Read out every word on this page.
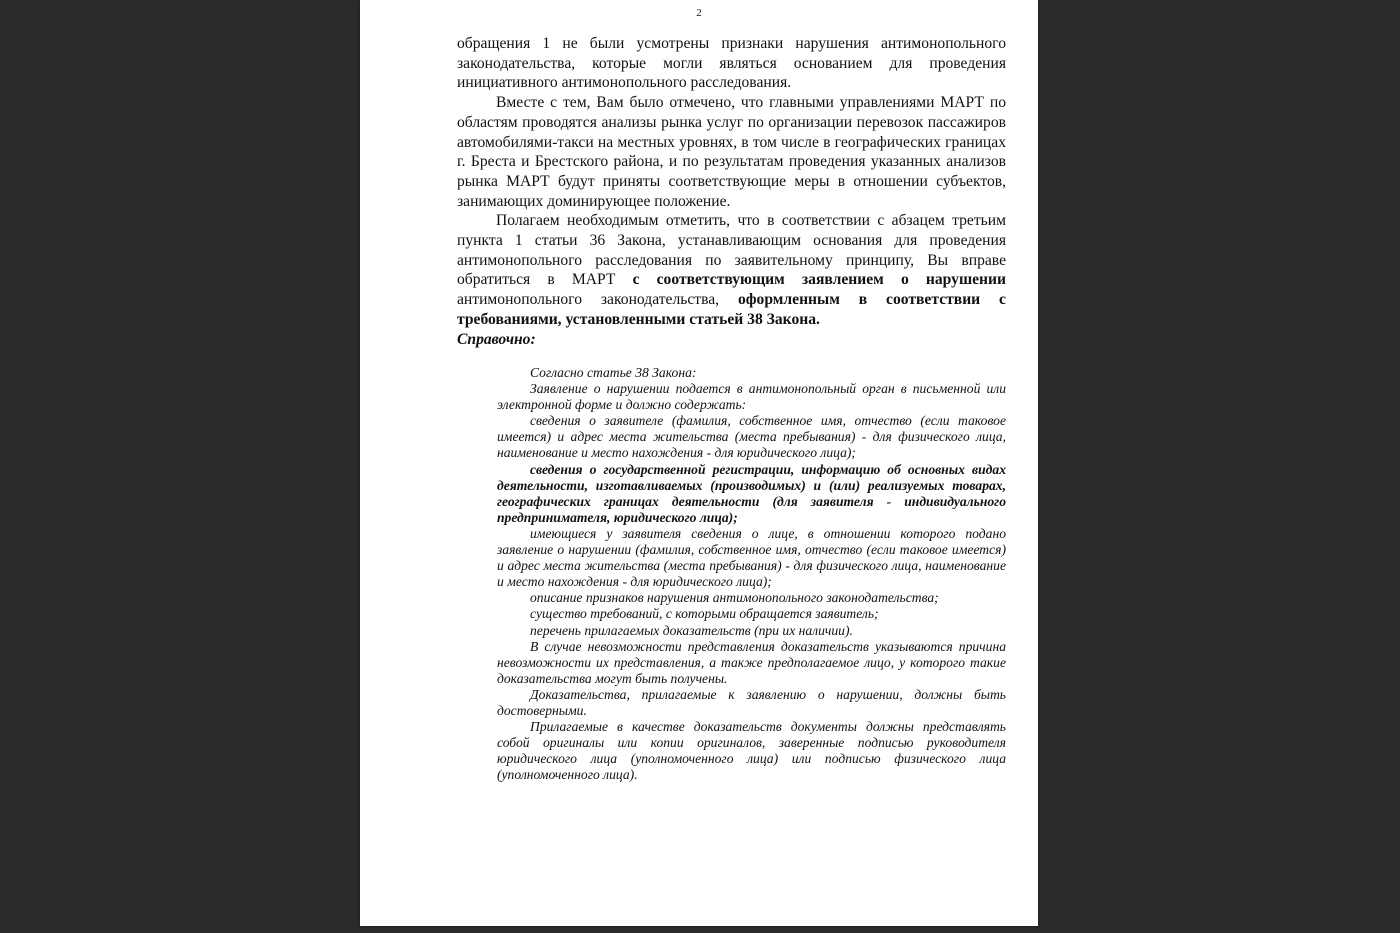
2

обращения 1 не были усмотрены признаки нарушения антимонопольного законодательства, которые могли являться основанием для проведения инициативного антимонопольного расследования.

Вместе с тем, Вам было отмечено, что главными управлениями МАРТ по областям проводятся анализы рынка услуг по организации перевозок пассажиров автомобилями-такси на местных уровнях, в том числе в географических границах г. Бреста и Брестского района, и по результатам проведения указанных анализов рынка МАРТ будут приняты соответствующие меры в отношении субъектов, занимающих доминирующее положение.

Полагаем необходимым отметить, что в соответствии с абзацем третьим пункта 1 статьи 36 Закона, устанавливающим основания для проведения антимонопольного расследования по заявительному принципу, Вы вправе обратиться в МАРТ с соответствующим заявлением о нарушении антимонопольного законодательства, оформленным в соответствии с требованиями, установленными статьей 38 Закона.

Справочно:

Согласно статье 38 Закона:

Заявление о нарушении подается в антимонопольный орган в письменной или электронной форме и должно содержать:

сведения о заявителе (фамилия, собственное имя, отчество (если таковое имеется) и адрес места жительства (места пребывания) - для физического лица, наименование и место нахождения - для юридического лица);

сведения о государственной регистрации, информацию об основных видах деятельности, изготавливаемых (производимых) и (или) реализуемых товарах, географических границах деятельности (для заявителя - индивидуального предпринимателя, юридического лица);

имеющиеся у заявителя сведения о лице, в отношении которого подано заявление о нарушении (фамилия, собственное имя, отчество (если таковое имеется) и адрес места жительства (места пребывания) - для физического лица, наименование и место нахождения - для юридического лица);

описание признаков нарушения антимонопольного законодательства;

существо требований, с которыми обращается заявитель;

перечень прилагаемых доказательств (при их наличии).

В случае невозможности представления доказательств указываются причина невозможности их представления, а также предполагаемое лицо, у которого такие доказательства могут быть получены.

Доказательства, прилагаемые к заявлению о нарушении, должны быть достоверными.

Прилагаемые в качестве доказательств документы должны представлять собой оригиналы или копии оригиналов, заверенные подписью руководителя юридического лица (уполномоченного лица) или подписью физического лица (уполномоченного лица).
